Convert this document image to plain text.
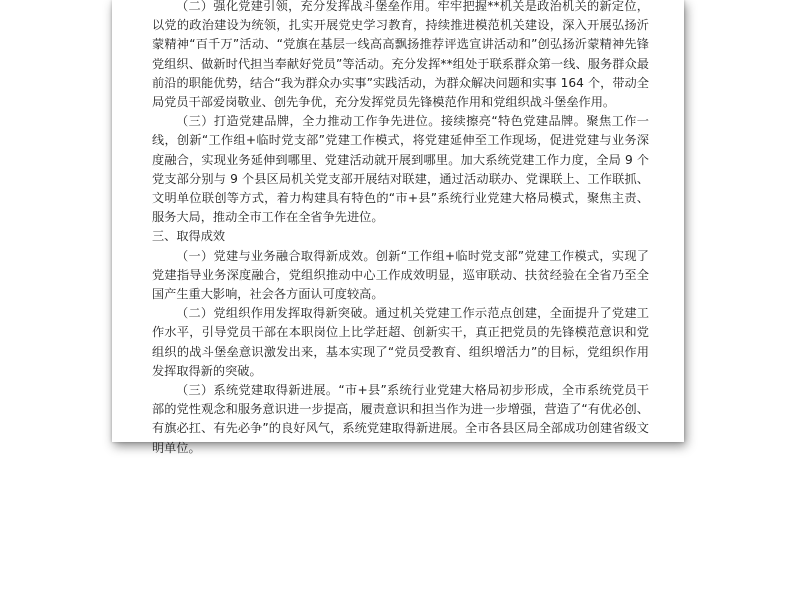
（二）强化党建引领，充分发挥战斗堡垒作用。牢牢把握**机关是政治机关的新定位，以党的政治建设为统领，扎实开展党史学习教育，持续推进模范机关建设，深入开展弘扬沂蒙精神“百千万”活动、“党旗在基层一线高高飘扬推荐评选宣讲活动和”创弘扬沂蒙精神先锋党组织、做新时代担当奉献好党员”等活动。充分发挥**组处于联系群众第一线、服务群众最前沿的职能优势，结合“我为群众办实事”实践活动，为群众解决问题和实事 164 个，带动全局党员干部爱岗敬业、创先争优，充分发挥党员先锋模范作用和党组织战斗堡垒作用。

（三）打造党建品牌，全力推动工作争先进位。接续擦亮“特色党建品牌。聚焦工作一线，创新“工作组+临时党支部”党建工作模式，将党建延伸至工作现场，促进党建与业务深度融合，实现业务延伸到哪里、党建活动就开展到哪里。加大系统党建工作力度，全局 9 个党支部分别与 9 个县区局机关党支部开展结对联建，通过活动联办、党课联上、工作联抓、文明单位联创等方式，着力构建具有特色的“市+县”系统行业党建大格局模式，聚焦主责、服务大局，推动全市工作在全省争先进位。

三、取得成效

（一）党建与业务融合取得新成效。创新“工作组+临时党支部”党建工作模式，实现了党建指导业务深度融合，党组织推动中心工作成效明显，巡审联动、扶贫经验在全省乃至全国产生重大影响，社会各方面认可度较高。

（二）党组织作用发挥取得新突破。通过机关党建工作示范点创建，全面提升了党建工作水平，引导党员干部在本职岗位上比学赶超、创新实干，真正把党员的先锋模范意识和党组织的战斗堡垒意识激发出来，基本实现了“党员受教育、组织增活力”的目标，党组织作用发挥取得新的突破。

（三）系统党建取得新进展。“市+县”系统行业党建大格局初步形成，全市系统党员干部的党性观念和服务意识进一步提高，履责意识和担当作为进一步增强，营造了“有优必创、有旗必扛、有先必争”的良好风气，系统党建取得新进展。全市各县区局全部成功创建省级文明单位。
